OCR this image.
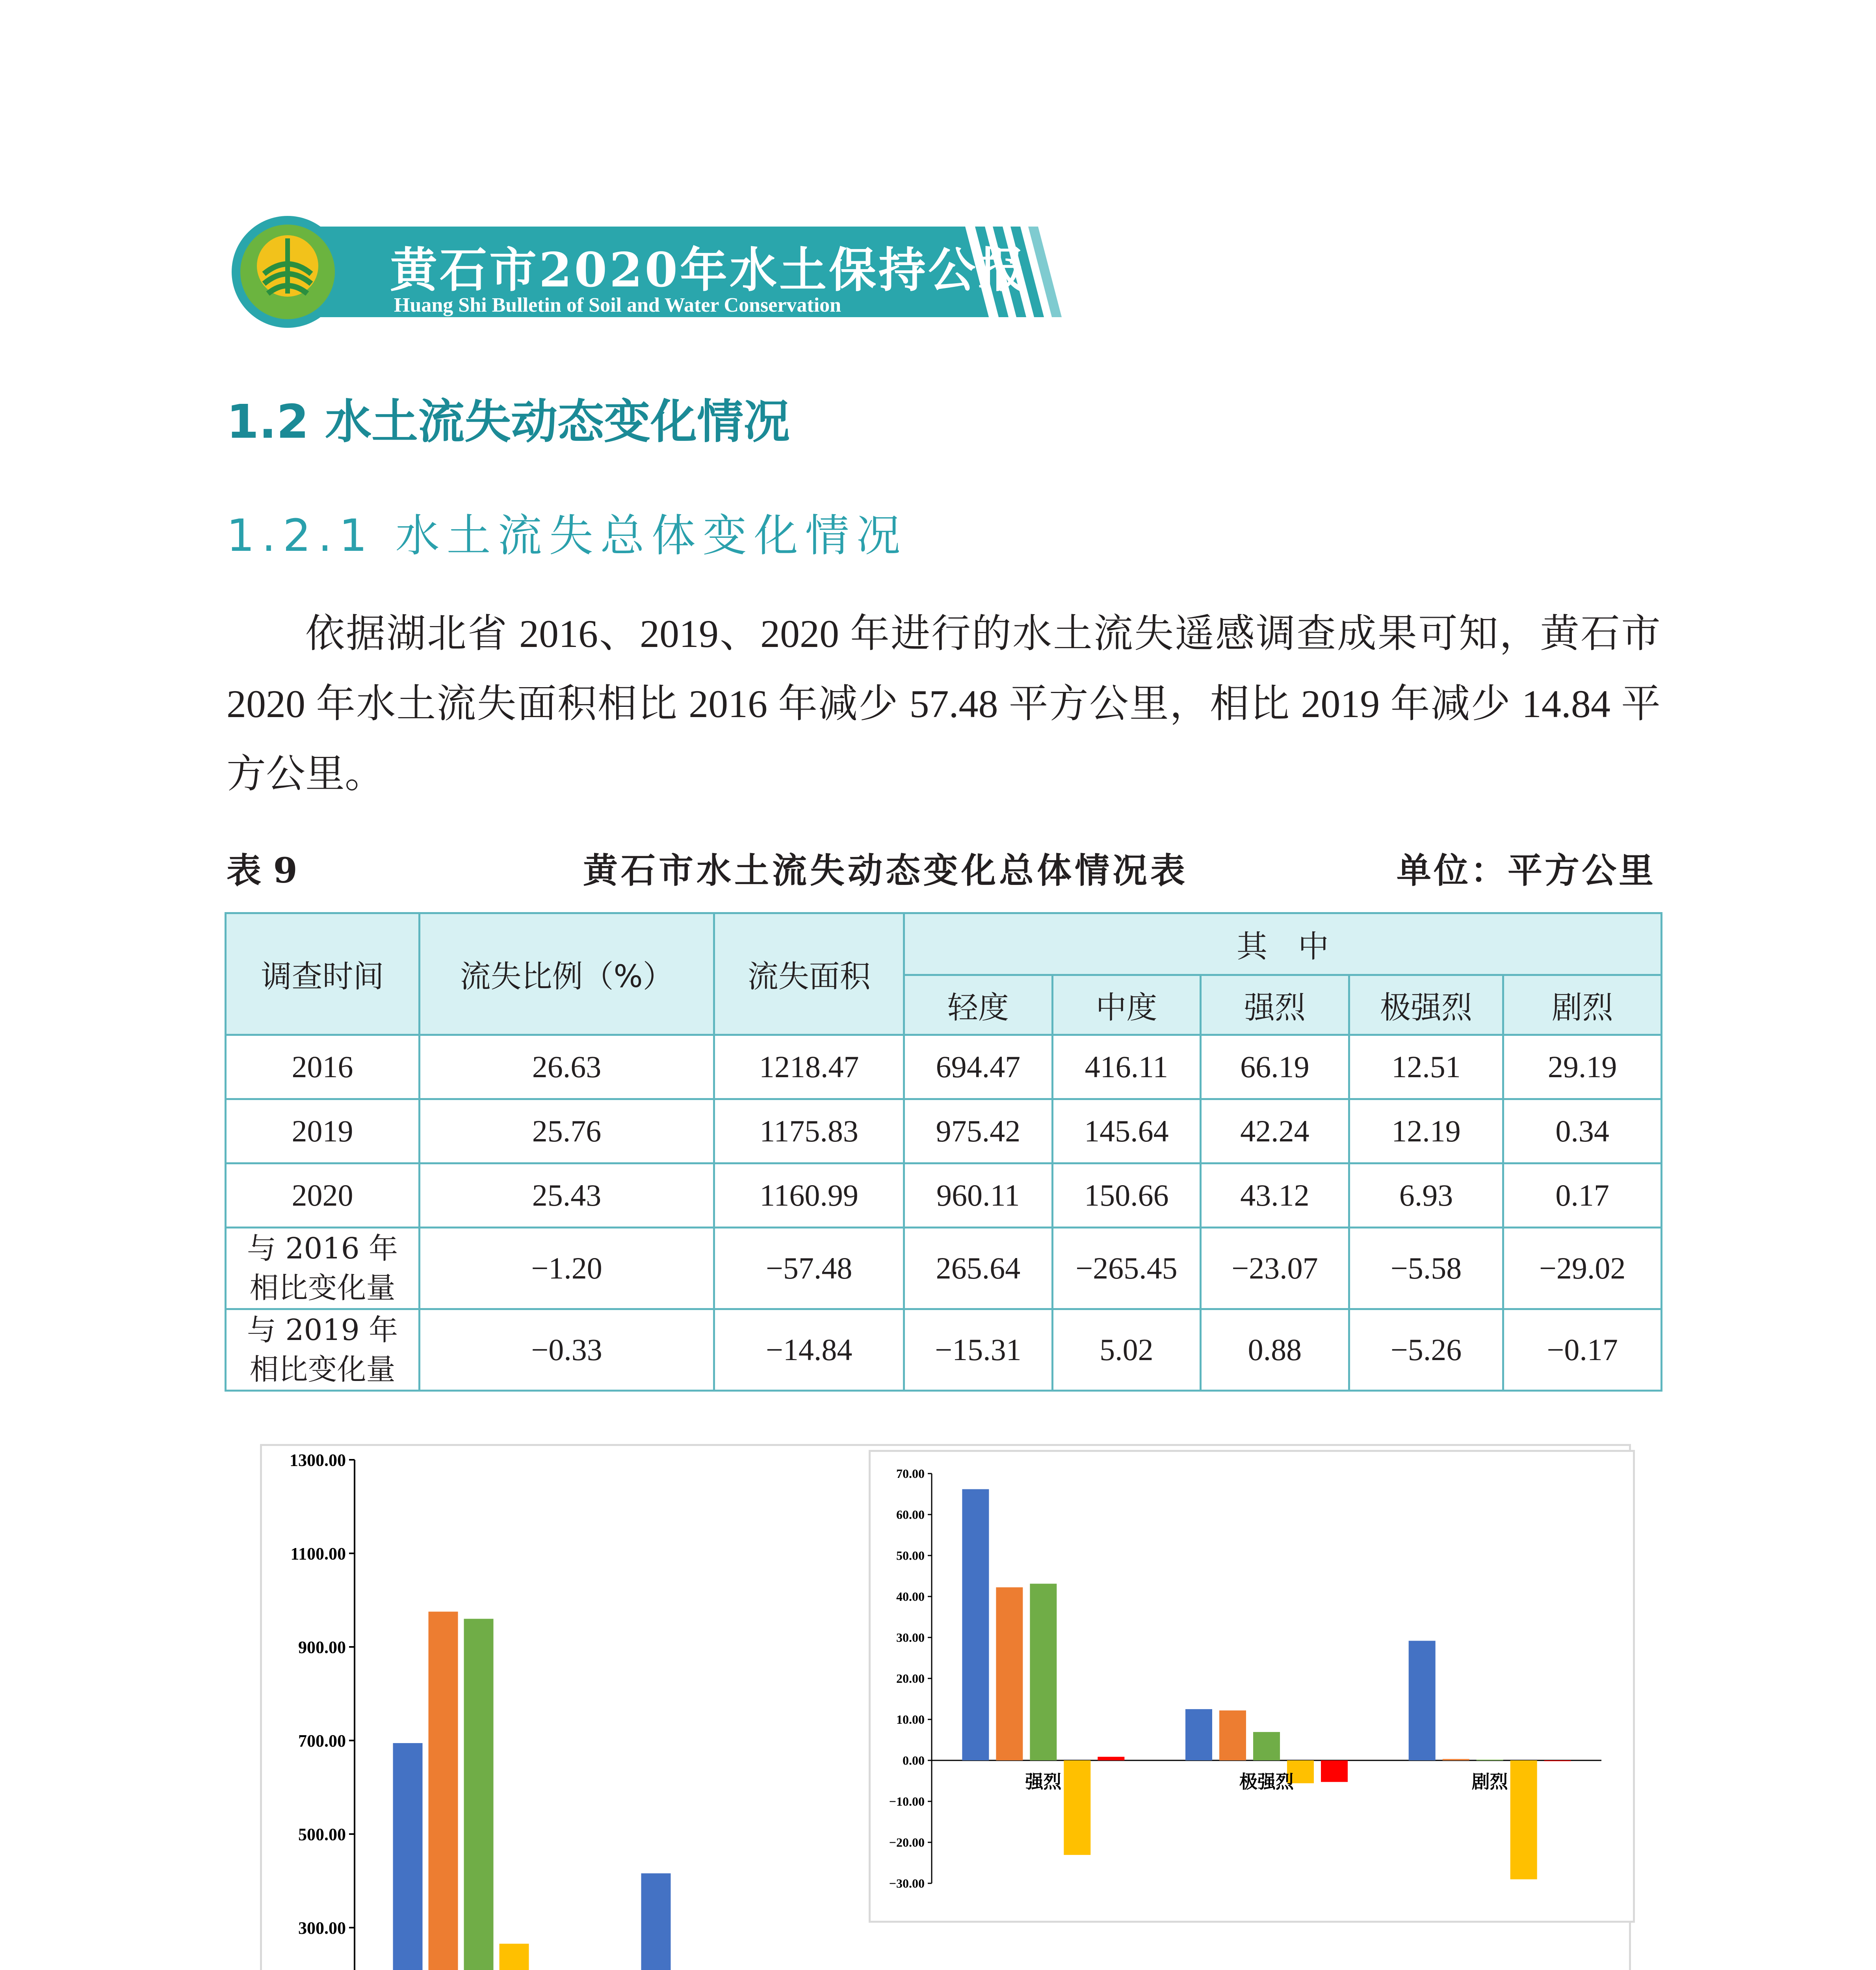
黄石市2020年水土保持公报
Huang Shi Bulletin of Soil and Water Conservation
1.2 水土流失动态变化情况
1.2.1 水土流失总体变化情况
依据湖北省 2016、2019、2020 年进行的水土流失遥感调查成果可知，黄石市 2020 年水土流失面积相比 2016 年减少 57.48 平方公里，相比 2019 年减少 14.84 平方公里。
表 9	黄石市水土流失动态变化总体情况表	单位：平方公里
调查时间	流失比例（%）	流失面积	其　中				
			轻度	中度	强烈	极强烈	剧烈
2016	26.63	1218.47	694.47	416.11	66.19	12.51	29.19
2019	25.76	1175.83	975.42	145.64	42.24	12.19	0.34
2020	25.43	1160.99	960.11	150.66	43.12	6.93	0.17
与 2016 年
相比变化量	−1.20	−57.48	265.64	−265.45	−23.07	−5.58	−29.02
与 2019 年
相比变化量	−0.33	−14.84	−15.31	5.02	0.88	−5.26	−0.17
1300.00
1100.00
900.00
700.00
500.00
300.00
70.00
60.00
50.00
40.00
30.00
20.00
10.00
0.00
−10.00
−20.00
−30.00
强烈	极强烈	剧烈
